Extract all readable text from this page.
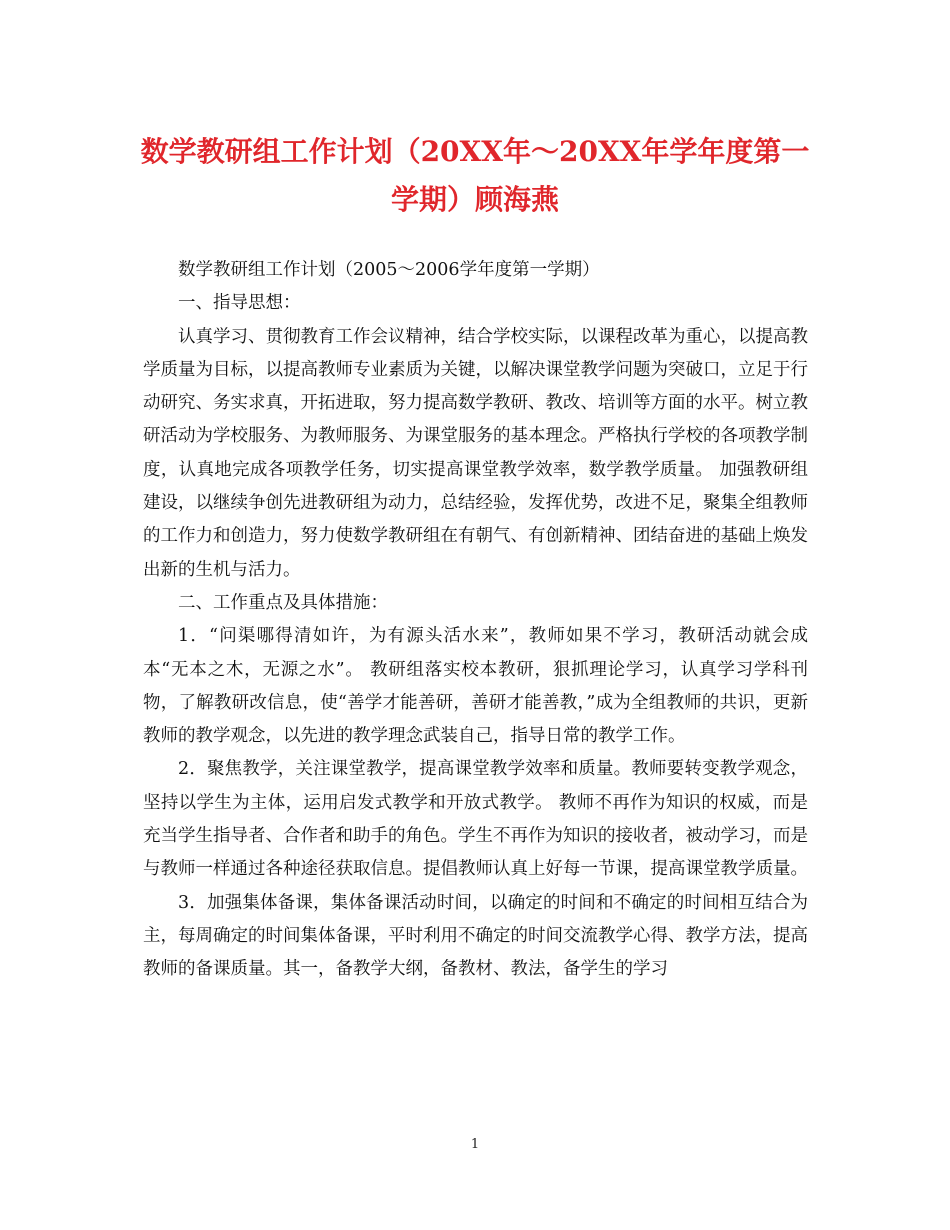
数学教研组工作计划（20XX年～20XX年学年度第一学期）顾海燕

数学教研组工作计划（2005～2006学年度第一学期）

一、指导思想：

认真学习、贯彻教育工作会议精神，结合学校实际，以课程改革为重心，以提高教学质量为目标，以提高教师专业素质为关键，以解决课堂教学问题为突破口，立足于行动研究、务实求真，开拓进取，努力提高数学教研、教改、培训等方面的水平。树立教研活动为学校服务、为教师服务、为课堂服务的基本理念。严格执行学校的各项教学制度，认真地完成各项教学任务，切实提高课堂教学效率，数学教学质量。 加强教研组建设，以继续争创先进教研组为动力，总结经验，发挥优势，改进不足，聚集全组教师的工作力和创造力，努力使数学教研组在有朝气、有创新精神、团结奋进的基础上焕发出新的生机与活力。

二、工作重点及具体措施：

1．“问渠哪得清如许，为有源头活水来”，教师如果不学习，教研活动就会成本“无本之木，无源之水”。 教研组落实校本教研，狠抓理论学习，认真学习学科刊物，了解教研改信息，使“善学才能善研，善研才能善教，”成为全组教师的共识，更新教师的教学观念，以先进的教学理念武装自己，指导日常的教学工作。

2．聚焦教学，关注课堂教学，提高课堂教学效率和质量。教师要转变教学观念，坚持以学生为主体，运用启发式教学和开放式教学。 教师不再作为知识的权威，而是充当学生指导者、合作者和助手的角色。学生不再作为知识的接收者，被动学习，而是与教师一样通过各种途径获取信息。提倡教师认真上好每一节课，提高课堂教学质量。

3．加强集体备课，集体备课活动时间，以确定的时间和不确定的时间相互结合为主，每周确定的时间集体备课，平时利用不确定的时间交流教学心得、教学方法，提高教师的备课质量。其一，备教学大纲，备教材、教法，备学生的学习

1
